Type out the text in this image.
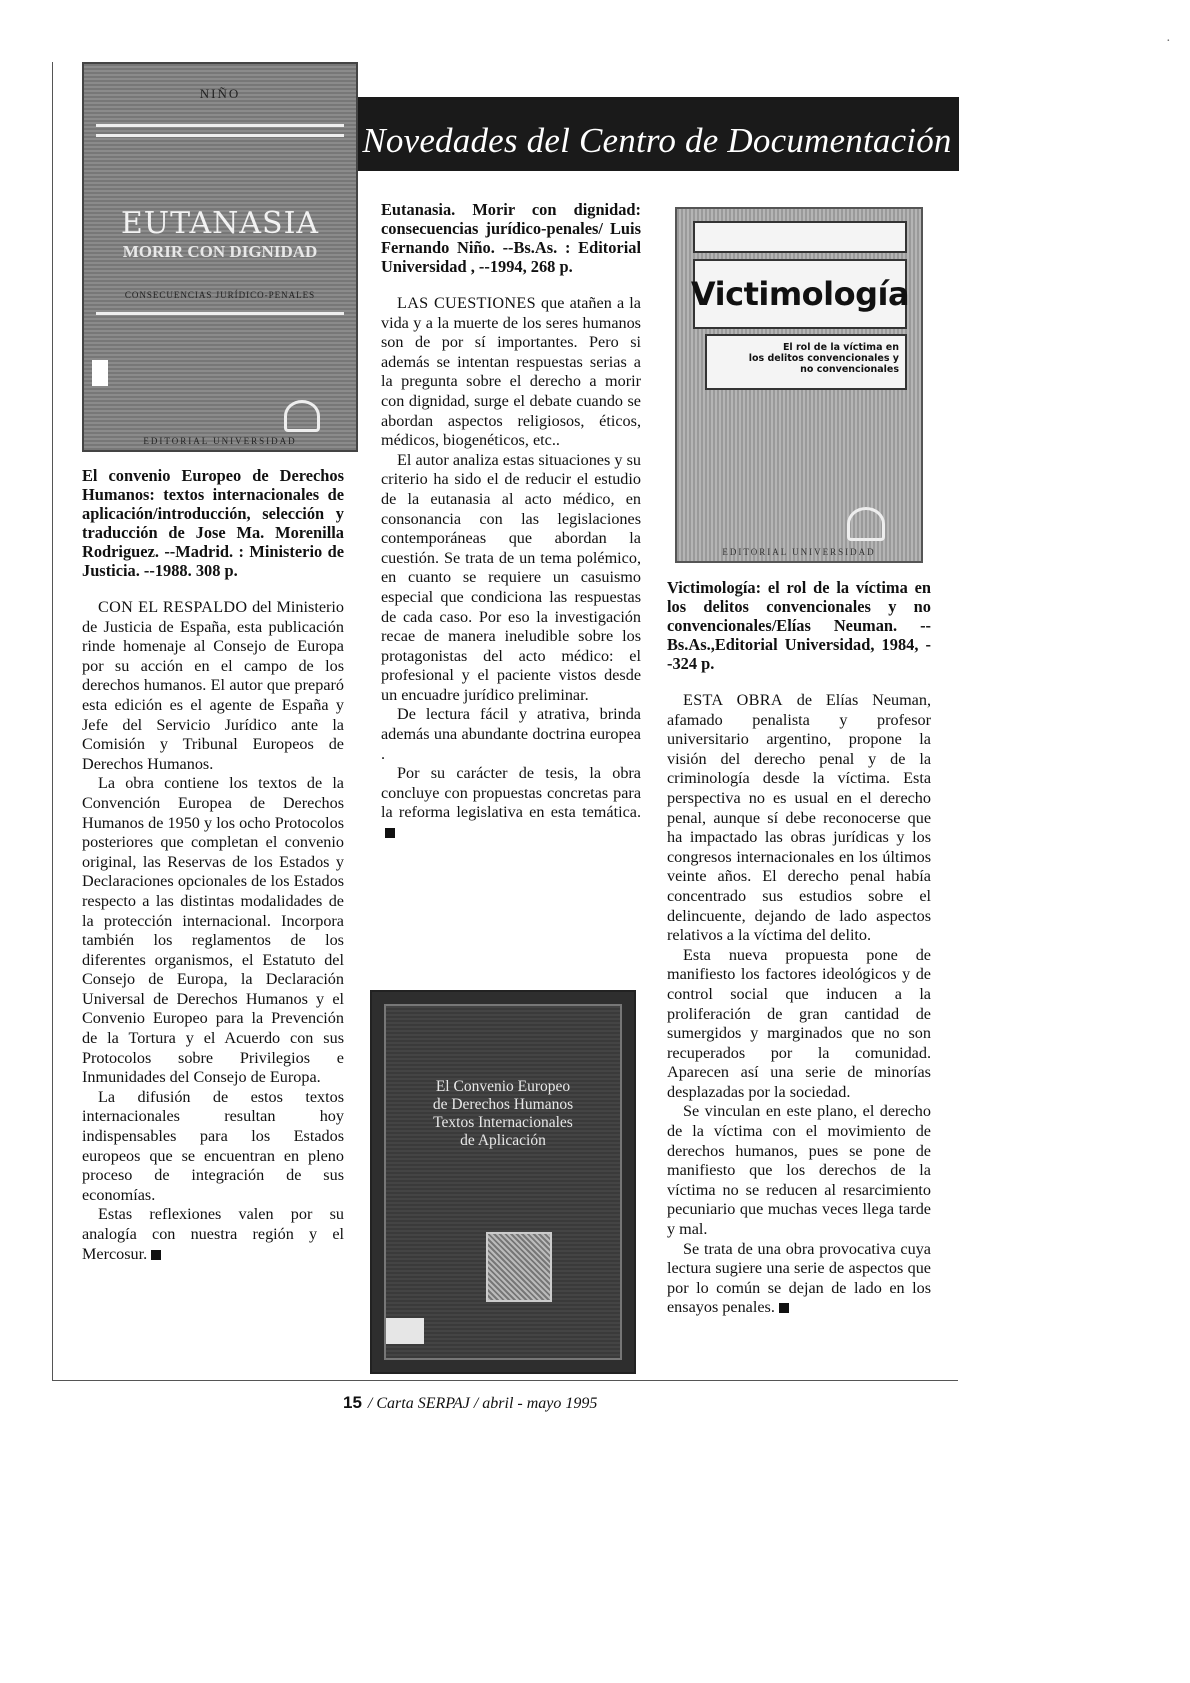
·
Novedades del Centro de Documentación
NIÑO
EUTANASIA
MORIR CON DIGNIDAD
CONSECUENCIAS JURÍDICO-PENALES
EDITORIAL UNIVERSIDAD
Victimología
El rol de la víctima en
los delitos convencionales y
no convencionales
EDITORIAL UNIVERSIDAD
El Convenio Europeo
de Derechos Humanos
Textos Internacionales
de Aplicación

El convenio Europeo de Derechos Humanos: textos internacionales de aplicación/introducción, selección y traducción de Jose Ma. Morenilla Rodriguez. --Madrid. : Ministerio de Justicia. --1988. 308 p.

CON EL RESPALDO del Ministerio de Justicia de España, esta publicación rinde homenaje al Consejo de Europa por su acción en el campo de los derechos humanos. El autor que preparó esta edición es el agente de España y Jefe del Servicio Jurídico ante la Comisión y Tribunal Europeos de Derechos Humanos.

La obra contiene los textos de la Convención Europea de Derechos Humanos de 1950 y los ocho Protocolos posteriores que completan el convenio original, las Reservas de los Estados y Declaraciones opcionales de los Estados respecto a las distintas modalidades de la protección internacional. Incorpora también los reglamentos de los diferentes organismos, el Estatuto del Consejo de Europa, la Declaración Universal de Derechos Humanos y el Convenio Europeo para la Prevención de la Tortura y el Acuerdo con sus Protocolos sobre Privilegios e Inmunidades del Consejo de Europa.

La difusión de estos textos internacionales resultan hoy indispensables para los Estados europeos que se encuentran en pleno proceso de integración de sus economías.

Estas reflexiones valen por su analogía con nuestra región y el Mercosur.

Eutanasia. Morir con dignidad: consecuencias jurídico-penales/ Luis Fernando Niño. --Bs.As. : Editorial Universidad , --1994, 268 p.

LAS CUESTIONES que atañen a la vida y a la muerte de los seres humanos son de por sí importantes. Pero si además se intentan respuestas serias a la pregunta sobre el derecho a morir con dignidad, surge el debate cuando se abordan aspectos religiosos, éticos, médicos, biogenéticos, etc..

El autor analiza estas situaciones y su criterio ha sido el de reducir el estudio de la eutanasia al acto médico, en consonancia con las legislaciones contemporáneas que abordan la cuestión. Se trata de un tema polémico, en cuanto se requiere un casuismo especial que condiciona las respuestas de cada caso. Por eso la investigación recae de manera ineludible sobre los protagonistas del acto médico: el profesional y el paciente vistos desde un encuadre jurídico preliminar.

De lectura fácil y atrativa, brinda además una abundante doctrina europea .

Por su carácter de tesis, la obra concluye con propuestas concretas para la reforma legislativa en esta temática.

Victimología: el rol de la víctima en los delitos convencionales y no convencionales/Elías Neuman. --Bs.As.,Editorial Universidad, 1984, --324 p.

ESTA OBRA de Elías Neuman, afamado penalista y profesor universitario argentino, propone la visión del derecho penal y de la criminología desde la víctima. Esta perspectiva no es usual en el derecho penal, aunque sí debe reconocerse que ha impactado las obras jurídicas y los congresos internacionales en los últimos veinte años. El derecho penal había concentrado sus estudios sobre el delincuente, dejando de lado aspectos relativos a la víctima del delito.

Esta nueva propuesta pone de manifiesto los factores ideológicos y de control social que inducen a la proliferación de gran cantidad de sumergidos y marginados que no son recuperados por la comunidad. Aparecen así una serie de minorías desplazadas por la sociedad.

Se vinculan en este plano, el derecho de la víctima con el movimiento de derechos humanos, pues se pone de manifiesto que los derechos de la víctima no se reducen al resarcimiento pecuniario que muchas veces llega tarde y mal.

Se trata de una obra provocativa cuya lectura sugiere una serie de aspectos que por lo común se dejan de lado en los ensayos penales.

15 / Carta SERPAJ / abril - mayo 1995
